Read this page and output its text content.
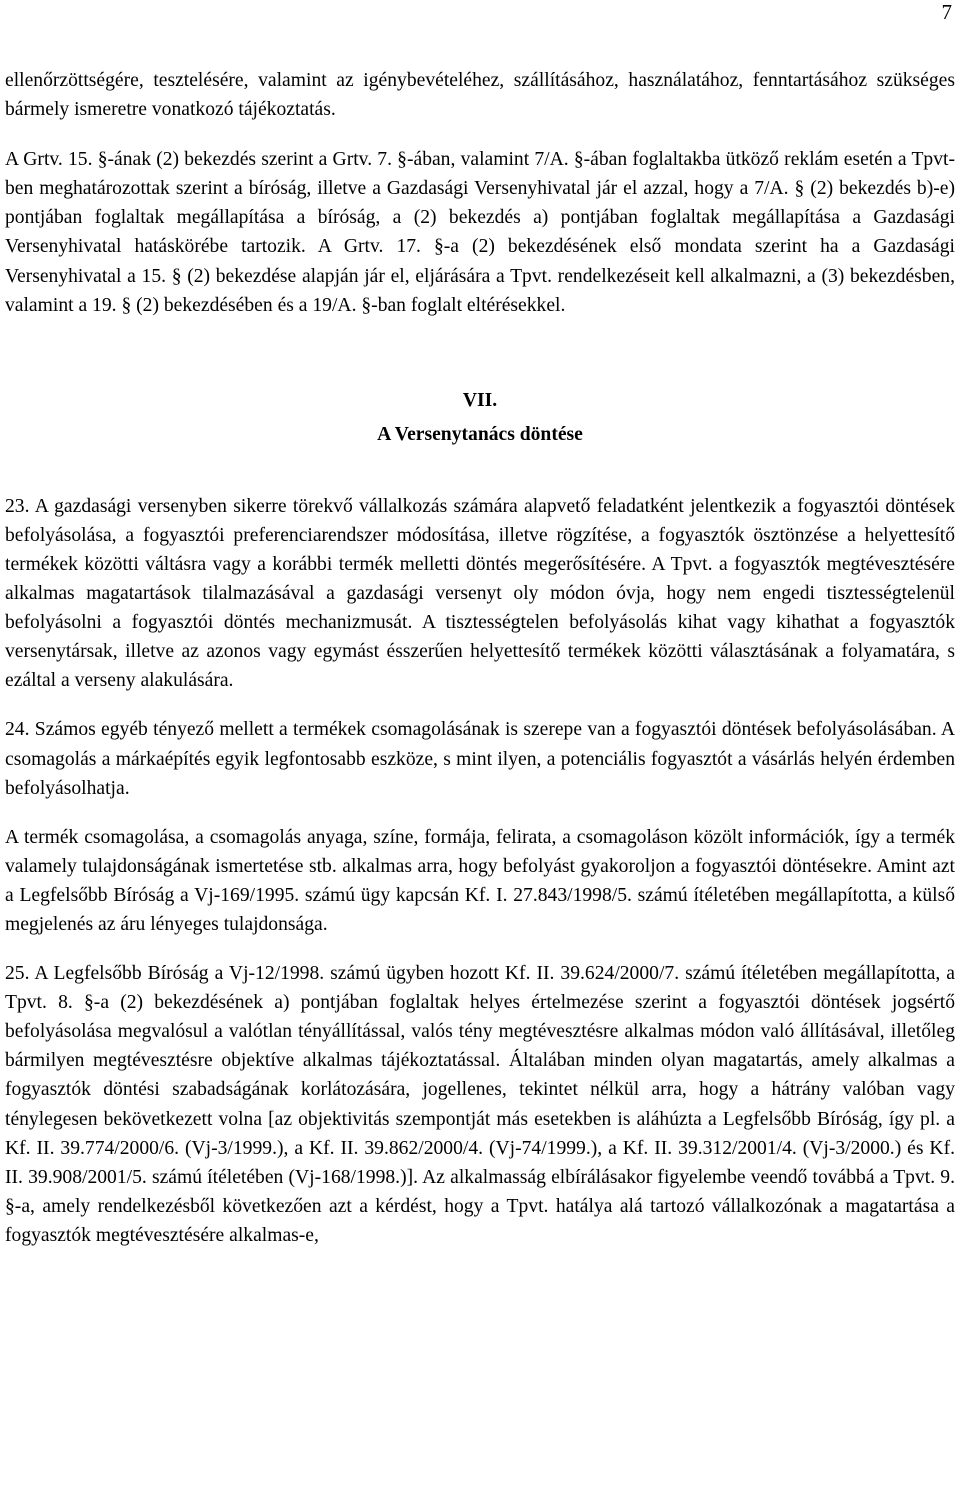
7

ellenőrzöttségére, tesztelésére, valamint az igénybevételéhez, szállításához, használatához, fenntartásához szükséges bármely ismeretre vonatkozó tájékoztatás.

A Grtv. 15. §-ának (2) bekezdés szerint a Grtv. 7. §-ában, valamint 7/A. §-ában foglaltakba ütköző reklám esetén a Tpvt-ben meghatározottak szerint a bíróság, illetve a Gazdasági Versenyhivatal jár el azzal, hogy a 7/A. § (2) bekezdés b)-e) pontjában foglaltak megállapítása a bíróság, a (2) bekezdés a) pontjában foglaltak megállapítása a Gazdasági Versenyhivatal hatáskörébe tartozik. A Grtv. 17. §-a (2) bekezdésének első mondata szerint ha a Gazdasági Versenyhivatal a 15. § (2) bekezdése alapján jár el, eljárására a Tpvt. rendelkezéseit kell alkalmazni, a (3) bekezdésben, valamint a 19. § (2) bekezdésében és a 19/A. §-ban foglalt eltérésekkel.

VII.

A Versenytanács döntése

23. A gazdasági versenyben sikerre törekvő vállalkozás számára alapvető feladatként jelentkezik a fogyasztói döntések befolyásolása, a fogyasztói preferenciarendszer módosítása, illetve rögzítése, a fogyasztók ösztönzése a helyettesítő termékek közötti váltásra vagy a korábbi termék melletti döntés megerősítésére. A Tpvt. a fogyasztók megtévesztésére alkalmas magatartások tilalmazásával a gazdasági versenyt oly módon óvja, hogy nem engedi tisztességtelenül befolyásolni a fogyasztói döntés mechanizmusát. A tisztességtelen befolyásolás kihat vagy kihathat a fogyasztók versenytársak, illetve az azonos vagy egymást ésszerűen helyettesítő termékek közötti választásának a folyamatára, s ezáltal a verseny alakulására.

24. Számos egyéb tényező mellett a termékek csomagolásának is szerepe van a fogyasztói döntések befolyásolásában. A csomagolás a márkaépítés egyik legfontosabb eszköze, s mint ilyen, a potenciális fogyasztót a vásárlás helyén érdemben befolyásolhatja.

A termék csomagolása, a csomagolás anyaga, színe, formája, felirata, a csomagoláson közölt információk, így a termék valamely tulajdonságának ismertetése stb. alkalmas arra, hogy befolyást gyakoroljon a fogyasztói döntésekre. Amint azt a Legfelsőbb Bíróság a Vj-169/1995. számú ügy kapcsán Kf. I. 27.843/1998/5. számú ítéletében megállapította, a külső megjelenés az áru lényeges tulajdonsága.

25. A Legfelsőbb Bíróság a Vj-12/1998. számú ügyben hozott Kf. II. 39.624/2000/7. számú ítéletében megállapította, a Tpvt. 8. §-a (2) bekezdésének a) pontjában foglaltak helyes értelmezése szerint a fogyasztói döntések jogsértő befolyásolása megvalósul a valótlan tényállítással, valós tény megtévesztésre alkalmas módon való állításával, illetőleg bármilyen megtévesztésre objektíve alkalmas tájékoztatással. Általában minden olyan magatartás, amely alkalmas a fogyasztók döntési szabadságának korlátozására, jogellenes, tekintet nélkül arra, hogy a hátrány valóban vagy ténylegesen bekövetkezett volna [az objektivitás szempontját más esetekben is aláhúzta a Legfelsőbb Bíróság, így pl. a Kf. II. 39.774/2000/6. (Vj-3/1999.), a Kf. II. 39.862/2000/4. (Vj-74/1999.), a Kf. II. 39.312/2001/4. (Vj-3/2000.) és Kf. II. 39.908/2001/5. számú ítéletében (Vj-168/1998.)]. Az alkalmasság elbírálásakor figyelembe veendő továbbá a Tpvt. 9. §-a, amely rendelkezésből következően azt a kérdést, hogy a Tpvt. hatálya alá tartozó vállalkozónak a magatartása a fogyasztók megtévesztésére alkalmas-e,
